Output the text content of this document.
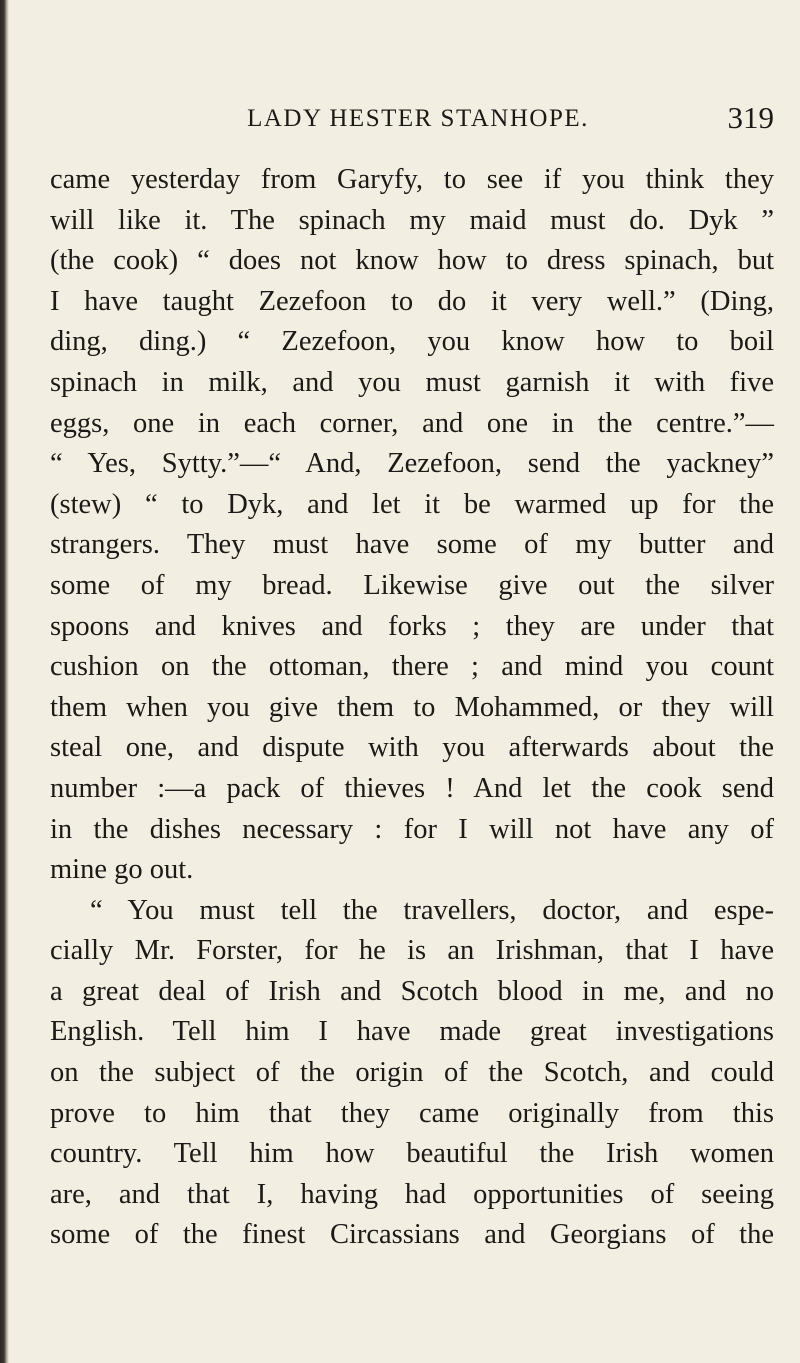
LADY HESTER STANHOPE.	319
came yesterday from Garyfy, to see if you think they
will like it. The spinach my maid must do. Dyk ”
(the cook) “ does not know how to dress spinach, but
I have taught Zezefoon to do it very well.” (Ding,
ding, ding.) “ Zezefoon, you know how to boil
spinach in milk, and you must garnish it with five
eggs, one in each corner, and one in the centre.”—
“ Yes, Sytty.”—“ And, Zezefoon, send the yackney”
(stew) “ to Dyk, and let it be warmed up for the
strangers. They must have some of my butter and
some of my bread. Likewise give out the silver
spoons and knives and forks ; they are under that
cushion on the ottoman, there ; and mind you count
them when you give them to Mohammed, or they will
steal one, and dispute with you afterwards about the
number :—a pack of thieves ! And let the cook send
in the dishes necessary : for I will not have any of
mine go out.
“ You must tell the travellers, doctor, and espe-
cially Mr. Forster, for he is an Irishman, that I have
a great deal of Irish and Scotch blood in me, and no
English. Tell him I have made great investigations
on the subject of the origin of the Scotch, and could
prove to him that they came originally from this
country. Tell him how beautiful the Irish women
are, and that I, having had opportunities of seeing
some of the finest Circassians and Georgians of the
